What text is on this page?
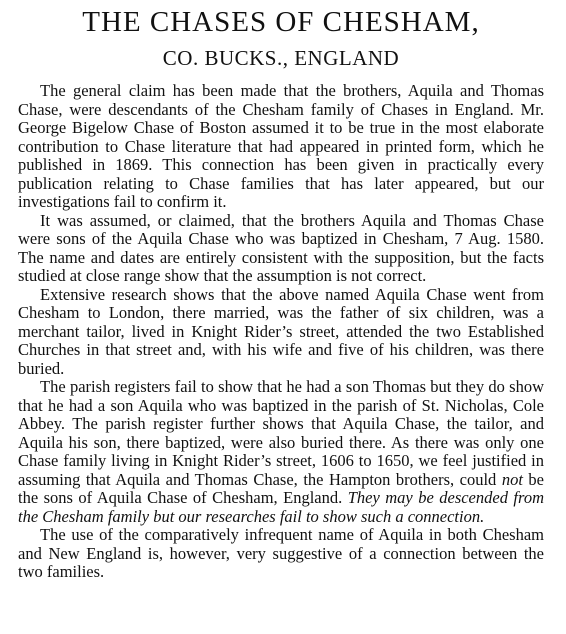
THE CHASES OF CHESHAM,
CO. BUCKS., ENGLAND

The general claim has been made that the brothers, Aquila and Thomas Chase, were descendants of the Chesham family of Chases in England. Mr. George Bigelow Chase of Boston assumed it to be true in the most elaborate contribution to Chase literature that had appeared in printed form, which he published in 1869. This connection has been given in practically every publication relating to Chase families that has later appeared, but our investigations fail to confirm it.

It was assumed, or claimed, that the brothers Aquila and Thomas Chase were sons of the Aquila Chase who was baptized in Chesham, 7 Aug. 1580. The name and dates are entirely consistent with the supposition, but the facts studied at close range show that the assumption is not correct.

Extensive research shows that the above named Aquila Chase went from Chesham to London, there married, was the father of six children, was a merchant tailor, lived in Knight Rider’s street, attended the two Established Churches in that street and, with his wife and five of his children, was there buried.

The parish registers fail to show that he had a son Thomas but they do show that he had a son Aquila who was baptized in the parish of St. Nicholas, Cole Abbey. The parish register further shows that Aquila Chase, the tailor, and Aquila his son, there baptized, were also buried there. As there was only one Chase family living in Knight Rider’s street, 1606 to 1650, we feel justified in assuming that Aquila and Thomas Chase, the Hampton brothers, could not be the sons of Aquila Chase of Chesham, England. They may be descended from the Chesham family but our researches fail to show such a connection.

The use of the comparatively infrequent name of Aquila in both Chesham and New England is, however, very suggestive of a connection between the two families.
